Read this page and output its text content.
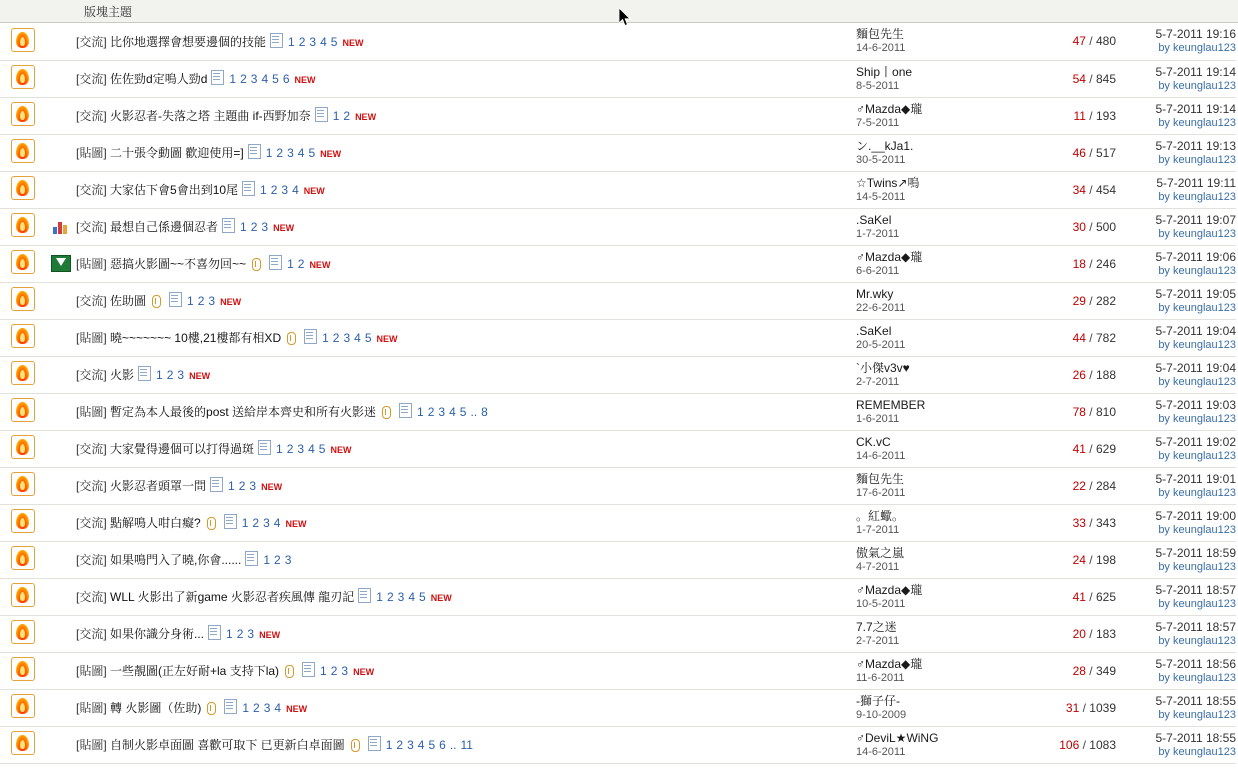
版塊主題
		[交流] 比你地選擇會想要邊個的技能 1 2 3 4 5 NEW	
麵包先生
14-6-2011	47 / 480	5-7-2011 19:16
by keunglau123

		[交流] 佐佐勁d定嗚人勁d 1 2 3 4 5 6 NEW	
Ship丨one
8-5-2011	54 / 845	5-7-2011 19:14
by keunglau123

		[交流] 火影忍者-失落之塔 主題曲 if-西野加奈 1 2 NEW	
♂Mazda◆瓏
7-5-2011	11 / 193	5-7-2011 19:14
by keunglau123

		[貼圖] 二十張令動圖 歡迎使用=] 1 2 3 4 5 NEW	
ン.__kJa1.
30-5-2011	46 / 517	5-7-2011 19:13
by keunglau123

		[交流] 大家估下會5會出到10尾 1 2 3 4 NEW	
☆Twins↗嗚
14-5-2011	34 / 454	5-7-2011 19:11
by keunglau123

	[交流] 最想自己係邊個忍者 1 2 3 NEW	
.SaKel
1-7-2011	30 / 500	5-7-2011 19:07
by keunglau123

		[貼圖] 惡搞火影圖~~不喜勿回~~	1 2 NEW	
♂Mazda◆瓏
6-6-2011	18 / 246	5-7-2011 19:06
by keunglau123

		[交流] 佐助圖	1 2 3 NEW	
Mr.wky
22-6-2011	29 / 282	5-7-2011 19:05
by keunglau123

		[貼圖] 曉~~~~~~~ 10樓,21樓都有相XD	1 2 3 4 5 NEW	
.SaKel
20-5-2011	44 / 782	5-7-2011 19:04
by keunglau123

		[交流] 火影 1 2 3 NEW	
`小傑v3v♥
2-7-2011	26 / 188	5-7-2011 19:04
by keunglau123

		[貼圖] 暫定為本人最後的post 送給岸本齊史和所有火影迷	1 2 3 4 5 .. 8	
REMEMBER
1-6-2011	78 / 810	5-7-2011 19:03
by keunglau123

		[交流] 大家覺得邊個可以打得過斑 1 2 3 4 5 NEW	
CK.vC
14-6-2011	41 / 629	5-7-2011 19:02
by keunglau123

		[交流] 火影忍者頭罩一問 1 2 3 NEW	
麵包先生
17-6-2011	22 / 284	5-7-2011 19:01
by keunglau123

		[交流] 點解鳴人咁白癡?	1 2 3 4 NEW	
。紅蠍。
1-7-2011	33 / 343	5-7-2011 19:00
by keunglau123

		[交流] 如果鳴門入了曉,你會...... 1 2 3	
傲氣之嵐
4-7-2011	24 / 198	5-7-2011 18:59
by keunglau123

		[交流] WLL 火影出了新game 火影忍者疾風傳 龍刃記 1 2 3 4 5 NEW	
♂Mazda◆瓏
10-5-2011	41 / 625	5-7-2011 18:57
by keunglau123

		[交流] 如果你識分身術... 1 2 3 NEW	
7.7之迷
2-7-2011	20 / 183	5-7-2011 18:57
by keunglau123

		[貼圖] 一些靚圖(正左好耐+la 支持下la)	1 2 3 NEW	
♂Mazda◆瓏
11-6-2011	28 / 349	5-7-2011 18:56
by keunglau123

		[貼圖] 轉 火影圖（佐助)	1 2 3 4 NEW	
-獅子仔-
9-10-2009	31 / 1039	5-7-2011 18:55
by keunglau123

		[貼圖] 自制火影卓面圖 喜歡可取下 已更新白卓面圖	1 2 3 4 5 6 .. 11	
♂DeviL★WiNG
14-6-2011	106 / 1083	5-7-2011 18:55
by keunglau123
